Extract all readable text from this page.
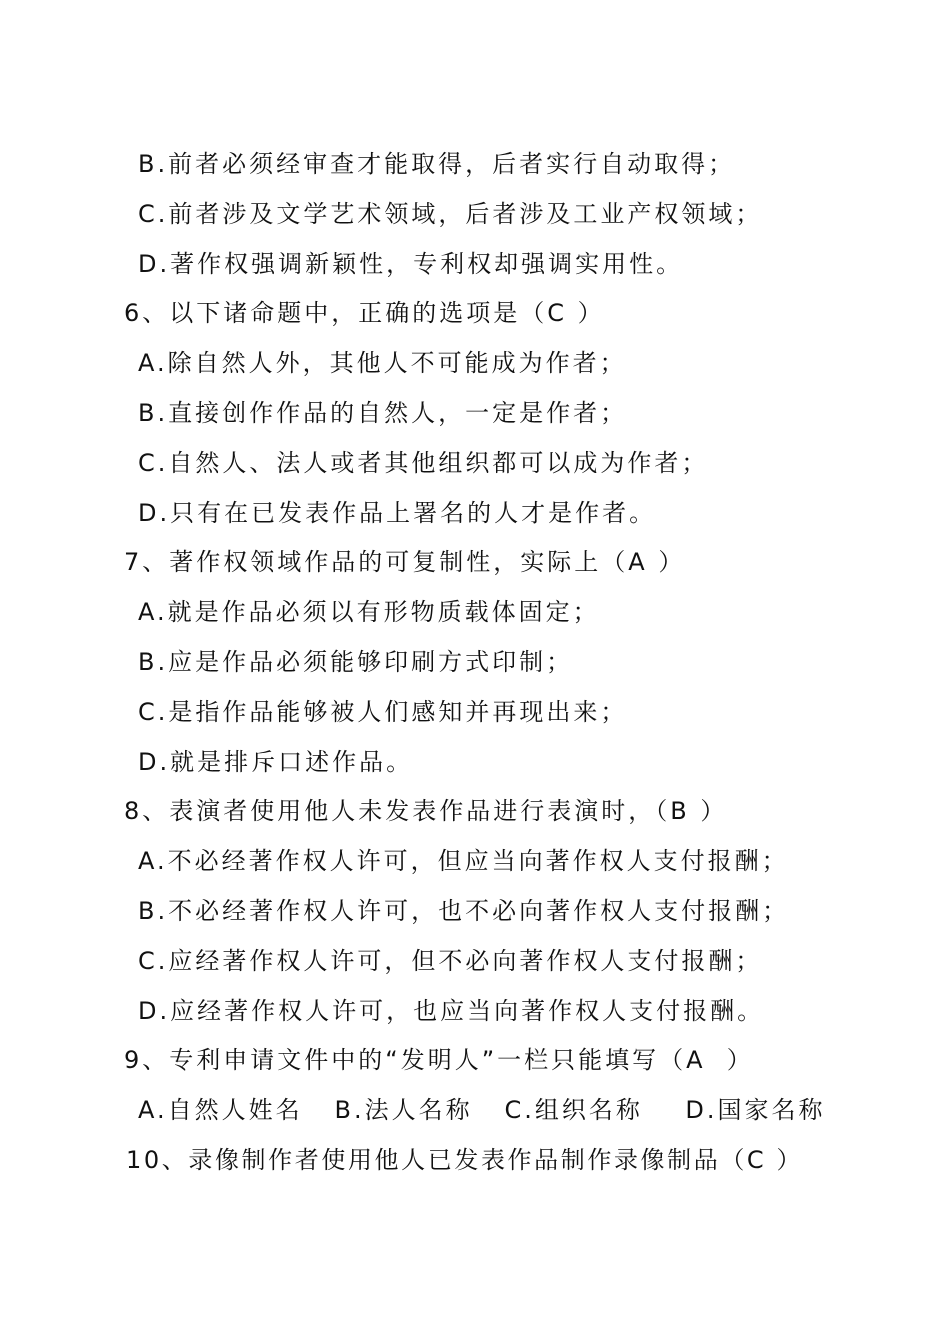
B.前者必须经审查才能取得，后者实行自动取得；
C.前者涉及文学艺术领域，后者涉及工业产权领域；
D.著作权强调新颖性，专利权却强调实用性。
6、以下诸命题中，正确的选项是（C ）
A.除自然人外，其他人不可能成为作者；
B.直接创作作品的自然人，一定是作者；
C.自然人、法人或者其他组织都可以成为作者；
D.只有在已发表作品上署名的人才是作者。
7、著作权领域作品的可复制性，实际上（A ）
A.就是作品必须以有形物质载体固定；
B.应是作品必须能够印刷方式印制；
C.是指作品能够被人们感知并再现出来；
D.就是排斥口述作品。
8、表演者使用他人未发表作品进行表演时，（B ）
A.不必经著作权人许可，但应当向著作权人支付报酬；
B.不必经著作权人许可，也不必向著作权人支付报酬；
C.应经著作权人许可，但不必向著作权人支付报酬；
D.应经著作权人许可，也应当向著作权人支付报酬。
9、专利申请文件中的“发明人”一栏只能填写（A  ）
A.自然人姓名   B.法人名称   C.组织名称    D.国家名称
10、录像制作者使用他人已发表作品制作录像制品（C ）
